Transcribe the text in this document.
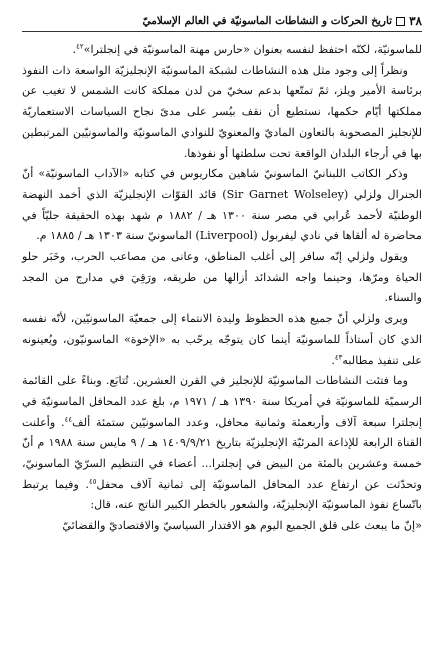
٣٨
تاريخ الحركات و النشاطات الماسونيّة في العالم الإسلاميّ

للماسونيّة، لكنّه احتفظ لنفسه بعنوان «حارس مهنة الماسونيّة في إنجلترا»$^{٤٢}$.

ونظراً إلى وجود مثل هذه النشاطات لشبكة الماسونيّة الإنجليزيّة الواسعة ذات النفوذ برئاسة الأمير ويلز، ثمّ تمتّعها بدعم سخيّ من لدن مملكة كانت الشمس لا تغيب عن مملكتها أيّام حكمها، نستطيع أن نقف بيُسر على مدىً نجاح السياسات الاستعماريّة للإنجليز المصحوبة بالتعاون الماديّ والمعنويّ للنوادي الماسونيّة والماسونيّين المرتبطين بها في أرجاء البلدان الواقعة تحت سلطتها أو نفوذها.

وذكر الكاتب اللبنانيّ الماسونيّ شاهين مكاريوس في كتابه «الآداب الماسونيّة» أنّ الجنرال ولزلي (Sir Garnet Wolseley) قائد القوّات الإنجليزيّة الذي أخمد النهضة الوطنيّة لأحمد عُرابي في مصر سنة ١٣٠٠ هـ / ١٨٨٢ م شهد بهذه الحقيقة جليّاً في محاضرة له ألقاها في نادي ليفربول (Liverpool) الماسونيّ سنة ١٣٠٣ هـ / ١٨٨٥ م.

ويقول ولزلي إنّه سافر إلى أغلب المناطق، وعانى من مصاعب الحرب، وخَبَر حلو الحياة ومرّها، وحينما واجه الشدائد أزالها من طريقه، ورَقِيَ في مدارج من المجد والسناء.

ويرى ولزلي أنّ جميع هذه الحظوظ وليدة الانتماء إلى جمعيّة الماسونيّين، لأنّه نفسه الذي كان أستاذاً للماسونيّة أينما كان يتوجّه يرحّب به «الإخوة» الماسونيّون، ويُعينونه على تنفيذ مطالبه$^{٤٣}$.

وما فتئت النشاطات الماسونيّة للإنجليز في القرن العشرين. تُتابَع. وبناءً على القائمة الرسميّة للماسونيّة في أمريكا سنة ١٣٩٠ هـ / ١٩٧١ م، بلغ عدد المحافل الماسونيّة في إنجلترا سبعة آلاف وأربعمئة وثمانية محافل، وعدد الماسونيّين ستمئة ألف$^{٤٤}$. وأعلنت القناة الرابعة للإذاعة المرئيّة الإنجليزيّة بتاريخ ١٤٠٩/٩/٢١ هـ / ٩ مايس سنة ١٩٨٨ م أنّ خمسة وعشرين بالمئة من البيض في إنجلترا... أعضاء في التنظيم السرّيّ الماسونيّ، وتحدّثت عن ارتفاع عدد المحافل الماسونيّة إلى ثمانية آلاف محفل$^{٤٥}$. وفيما يرتبط باتّساع نفوذ الماسونيّة الإنجليزيّة، والشعور بالخطر الكبير الناتج عنه، قال:

«إنّ ما يبعث على قلق الجميع اليوم هو الاقتدار السياسيّ والاقتصاديّ والقضائيّ
